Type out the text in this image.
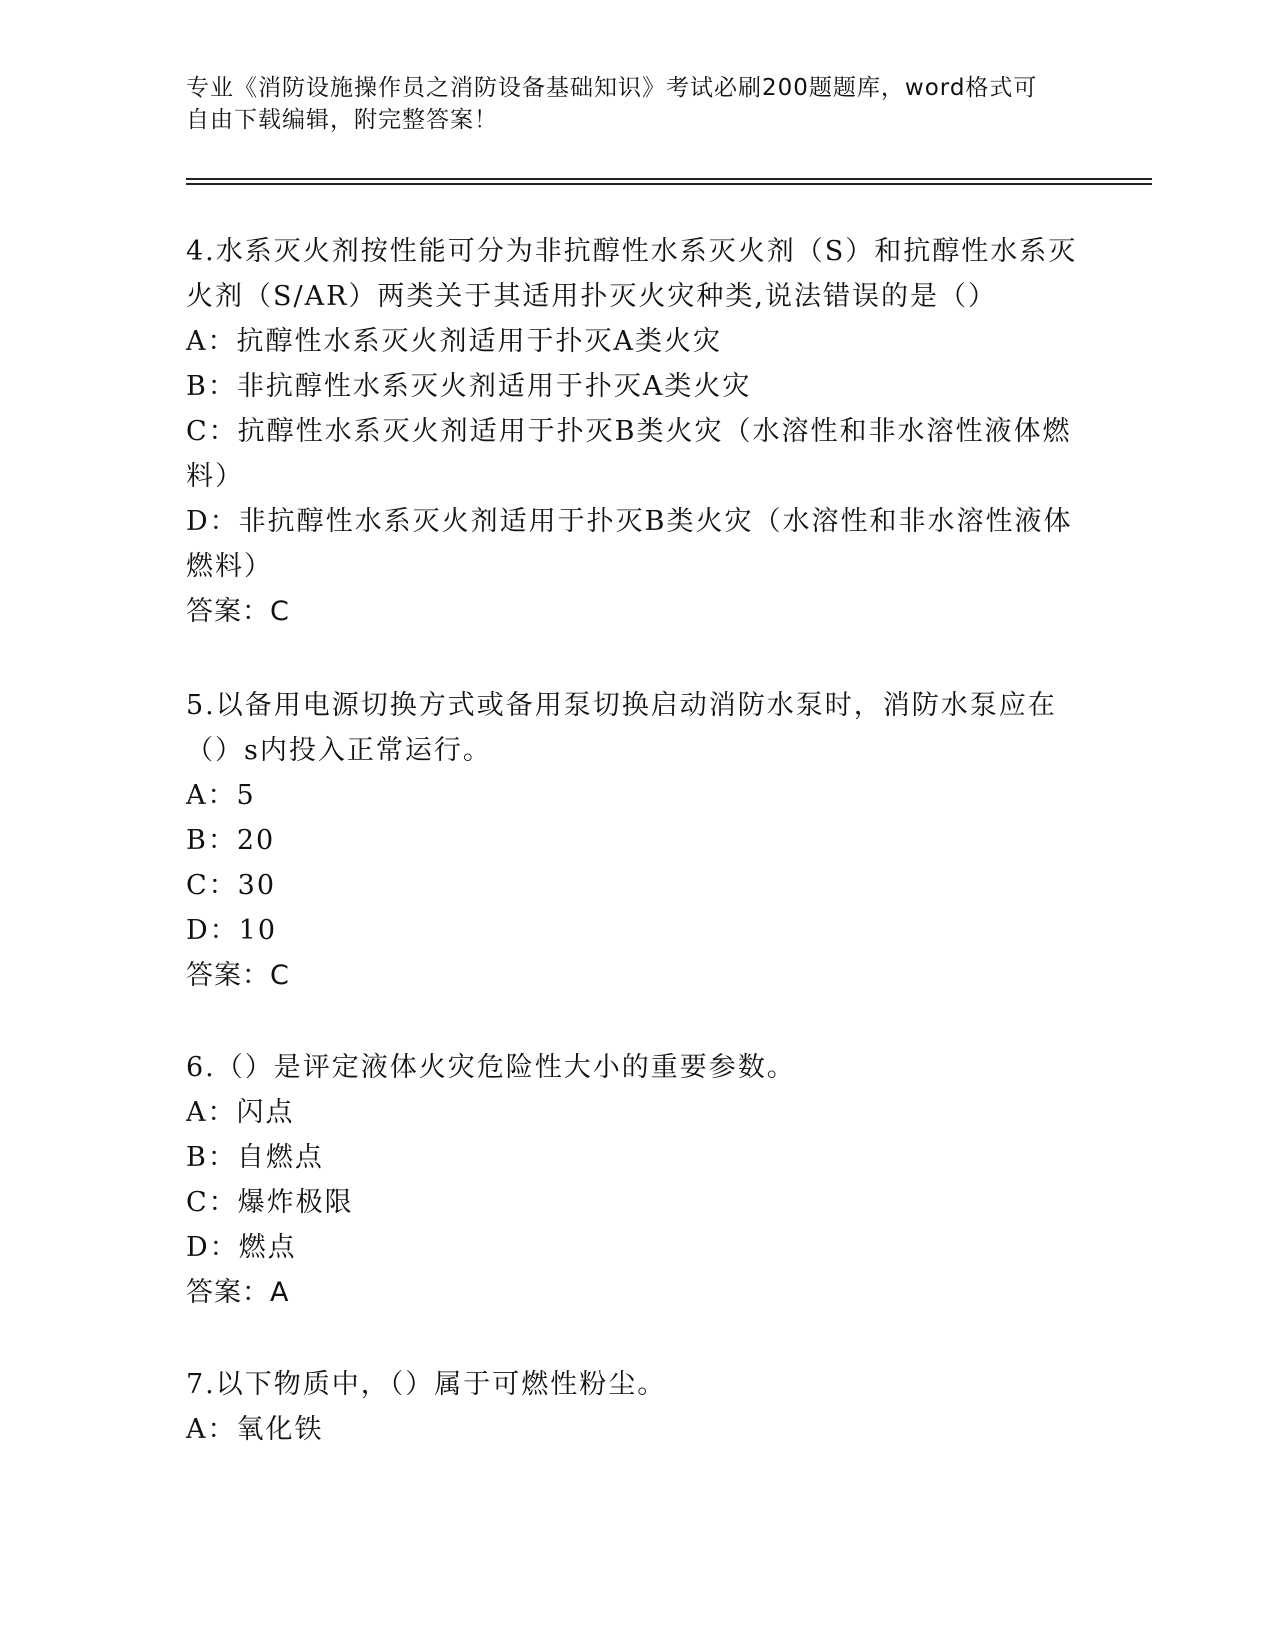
专业《消防设施操作员之消防设备基础知识》考试必刷200题题库，word格式可
自由下载编辑，附完整答案！
4.水系灭火剂按性能可分为非抗醇性水系灭火剂（S）和抗醇性水系灭
火剂（S/AR）两类关于其适用扑灭火灾种类,说法错误的是（）
A：抗醇性水系灭火剂适用于扑灭A类火灾
B：非抗醇性水系灭火剂适用于扑灭A类火灾
C：抗醇性水系灭火剂适用于扑灭B类火灾（水溶性和非水溶性液体燃
料）
D：非抗醇性水系灭火剂适用于扑灭B类火灾（水溶性和非水溶性液体
燃料）
答案：C
5.以备用电源切换方式或备用泵切换启动消防水泵时，消防水泵应在
（）s内投入正常运行。
A：5
B：20
C：30
D：10
答案：C
6.（）是评定液体火灾危险性大小的重要参数。
A：闪点
B：自燃点
C：爆炸极限
D：燃点
答案：A
7.以下物质中，（）属于可燃性粉尘。
A：氧化铁
